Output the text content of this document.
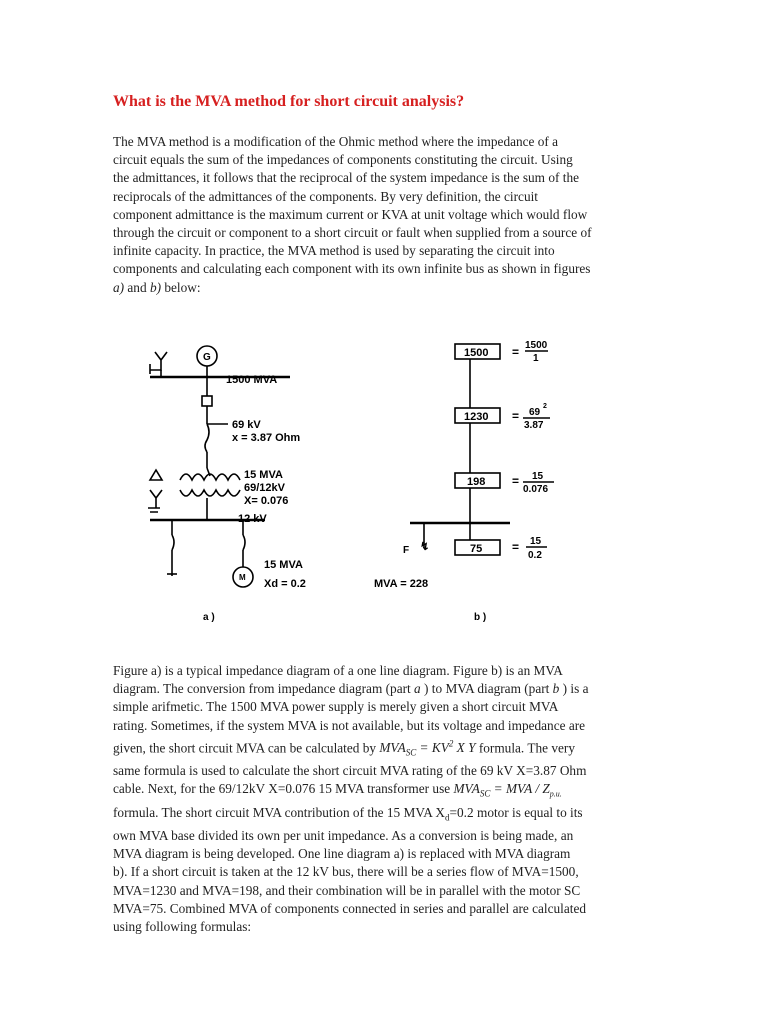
What is the MVA method for short circuit analysis?
The MVA method is a modification of the Ohmic method where the impedance of a
circuit equals the sum of the impedances of components constituting the circuit. Using
the admittances, it follows that the reciprocal of the system impedance is the sum of the
reciprocals of the admittances of the components. By very definition, the circuit
component admittance is the maximum current or KVA at unit voltage which would flow
through the circuit or component to a short circuit or fault when supplied from a source of
infinite capacity. In practice, the MVA method is used by separating the circuit into
components and calculating each component with its own infinite bus as shown in figures
a) and b) below:
G
1500 MVA
69 kV
x = 3.87 Ohm
15 MVA
69/12kV
X= 0.076
12 kV
M
15 MVA
Xd = 0.2
a )
1500
1230
198
75
= 1500
1
= 69
2
3.87
= 15
0.076
= 15
0.2
F ↯
MVA = 228
b )
Figure a) is a typical impedance diagram of a one line diagram. Figure b) is an MVA
diagram. The conversion from impedance diagram (part a ) to MVA diagram (part b ) is a
simple arifmetic. The 1500 MVA power supply is merely given a short circuit MVA
rating. Sometimes, if the system MVA is not available, but its voltage and impedance are
given, the short circuit MVA can be calculated by $MVA_{SC} = KV^2$ X Y formula. The very
same formula is used to calculate the short circuit MVA rating of the 69 kV X=3.87 Ohm
cable. Next, for the 69/12kV X=0.076 15 MVA transformer use $MVA_{SC}$ = MVA / $Z_{p.u.}$
formula. The short circuit MVA contribution of the 15 MVA $X_d=0.2$ motor is equal to its
own MVA base divided its own per unit impedance. As a conversion is being made, an
MVA diagram is being developed. One line diagram a) is replaced with MVA diagram
b). If a short circuit is taken at the 12 kV bus, there will be a series flow of MVA=1500,
MVA=1230 and MVA=198, and their combination will be in parallel with the motor SC
MVA=75. Combined MVA of components connected in series and parallel are calculated
using following formulas:
